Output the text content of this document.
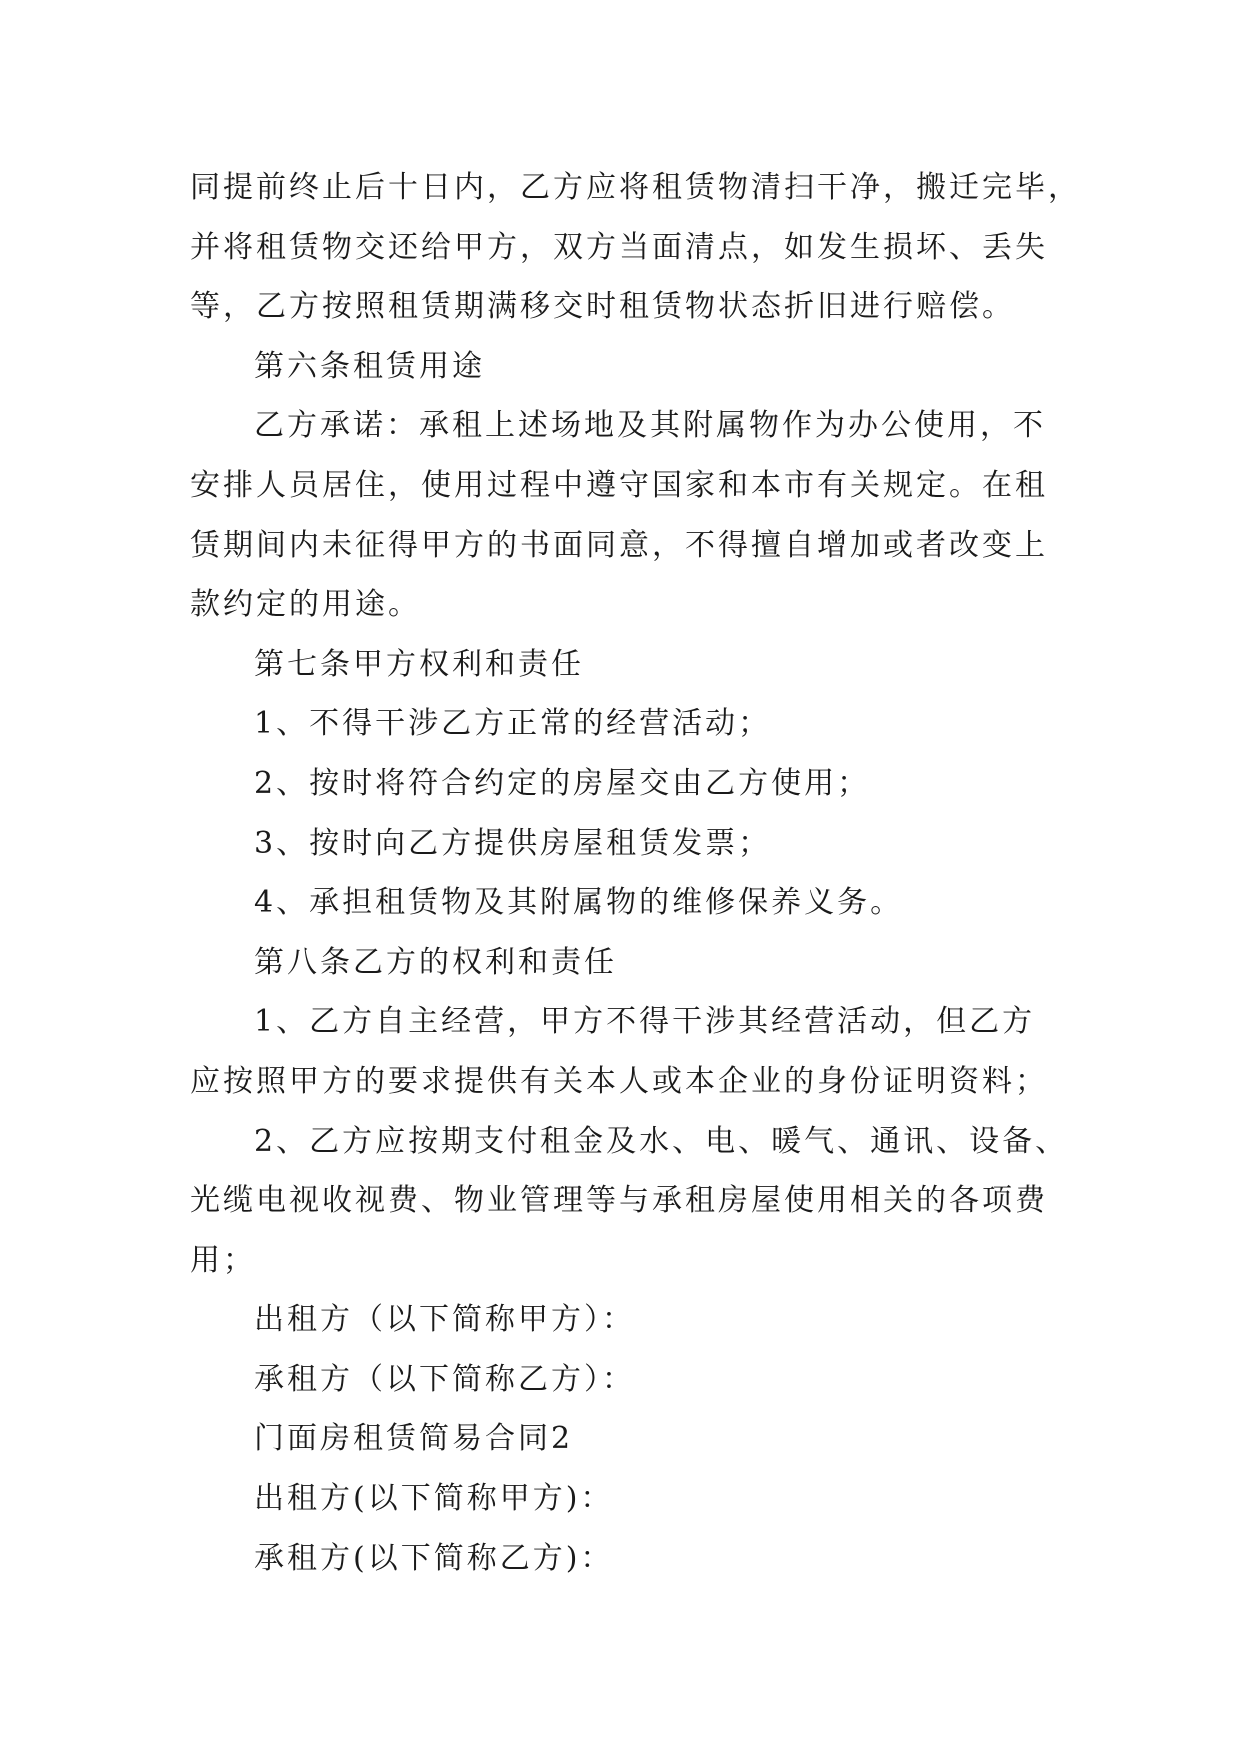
同提前终止后十日内，乙方应将租赁物清扫干净，搬迁完毕，

并将租赁物交还给甲方，双方当面清点，如发生损坏、丢失

等，乙方按照租赁期满移交时租赁物状态折旧进行赔偿。

第六条租赁用途

乙方承诺：承租上述场地及其附属物作为办公使用，不

安排人员居住，使用过程中遵守国家和本市有关规定。在租

赁期间内未征得甲方的书面同意，不得擅自增加或者改变上

款约定的用途。

第七条甲方权利和责任

1、不得干涉乙方正常的经营活动；

2、按时将符合约定的房屋交由乙方使用；

3、按时向乙方提供房屋租赁发票；

4、承担租赁物及其附属物的维修保养义务。

第八条乙方的权利和责任

1、乙方自主经营，甲方不得干涉其经营活动，但乙方

应按照甲方的要求提供有关本人或本企业的身份证明资料；

2、乙方应按期支付租金及水、电、暖气、通讯、设备、

光缆电视收视费、物业管理等与承租房屋使用相关的各项费

用；

出租方（以下简称甲方）：

承租方（以下简称乙方）：

门面房租赁简易合同2

出租方(以下简称甲方)：

承租方(以下简称乙方)：
